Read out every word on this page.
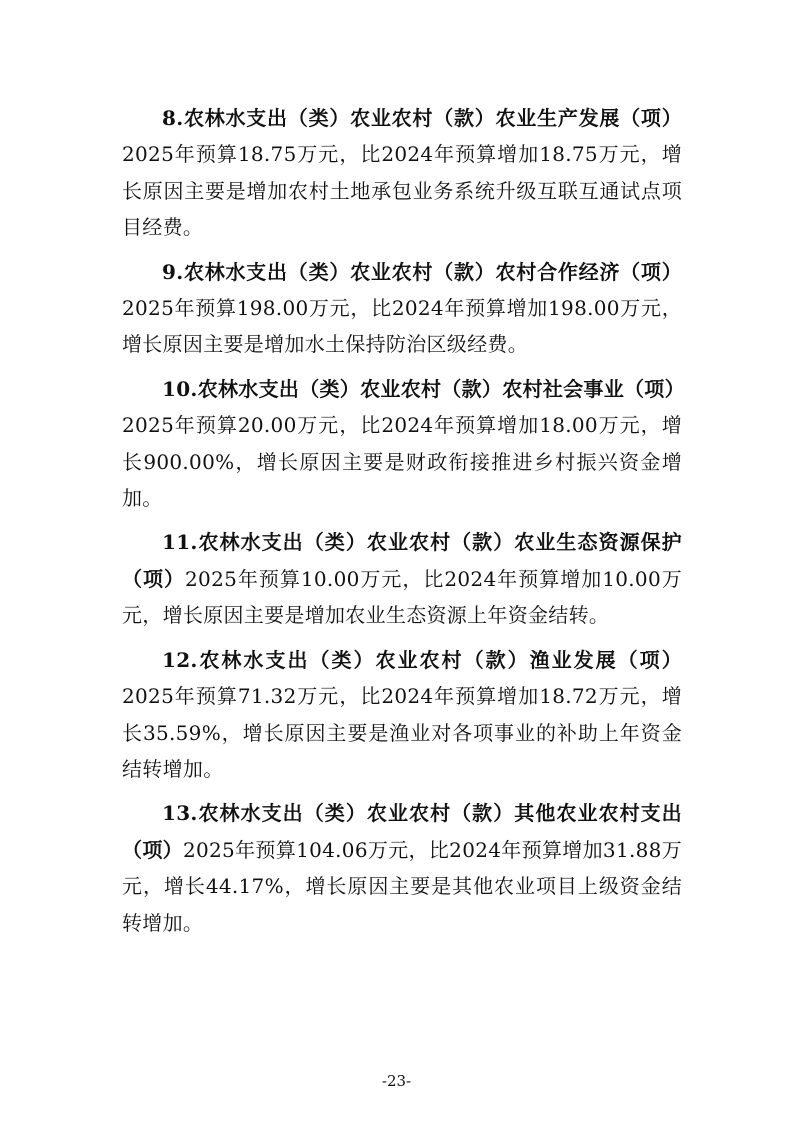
8.农林水支出（类）农业农村（款）农业生产发展（项）2025年预算18.75万元，比2024年预算增加18.75万元，增长原因主要是增加农村土地承包业务系统升级互联互通试点项目经费。

9.农林水支出（类）农业农村（款）农村合作经济（项）2025年预算198.00万元，比2024年预算增加198.00万元，增长原因主要是增加水土保持防治区级经费。

10.农林水支出（类）农业农村（款）农村社会事业（项）2025年预算20.00万元，比2024年预算增加18.00万元，增长900.00%，增长原因主要是财政衔接推进乡村振兴资金增加。

11.农林水支出（类）农业农村（款）农业生态资源保护（项）2025年预算10.00万元，比2024年预算增加10.00万元，增长原因主要是增加农业生态资源上年资金结转。

12.农林水支出（类）农业农村（款）渔业发展（项）2025年预算71.32万元，比2024年预算增加18.72万元，增长35.59%，增长原因主要是渔业对各项事业的补助上年资金结转增加。

13.农林水支出（类）农业农村（款）其他农业农村支出（项）2025年预算104.06万元，比2024年预算增加31.88万元，增长44.17%，增长原因主要是其他农业项目上级资金结转增加。

-23-
